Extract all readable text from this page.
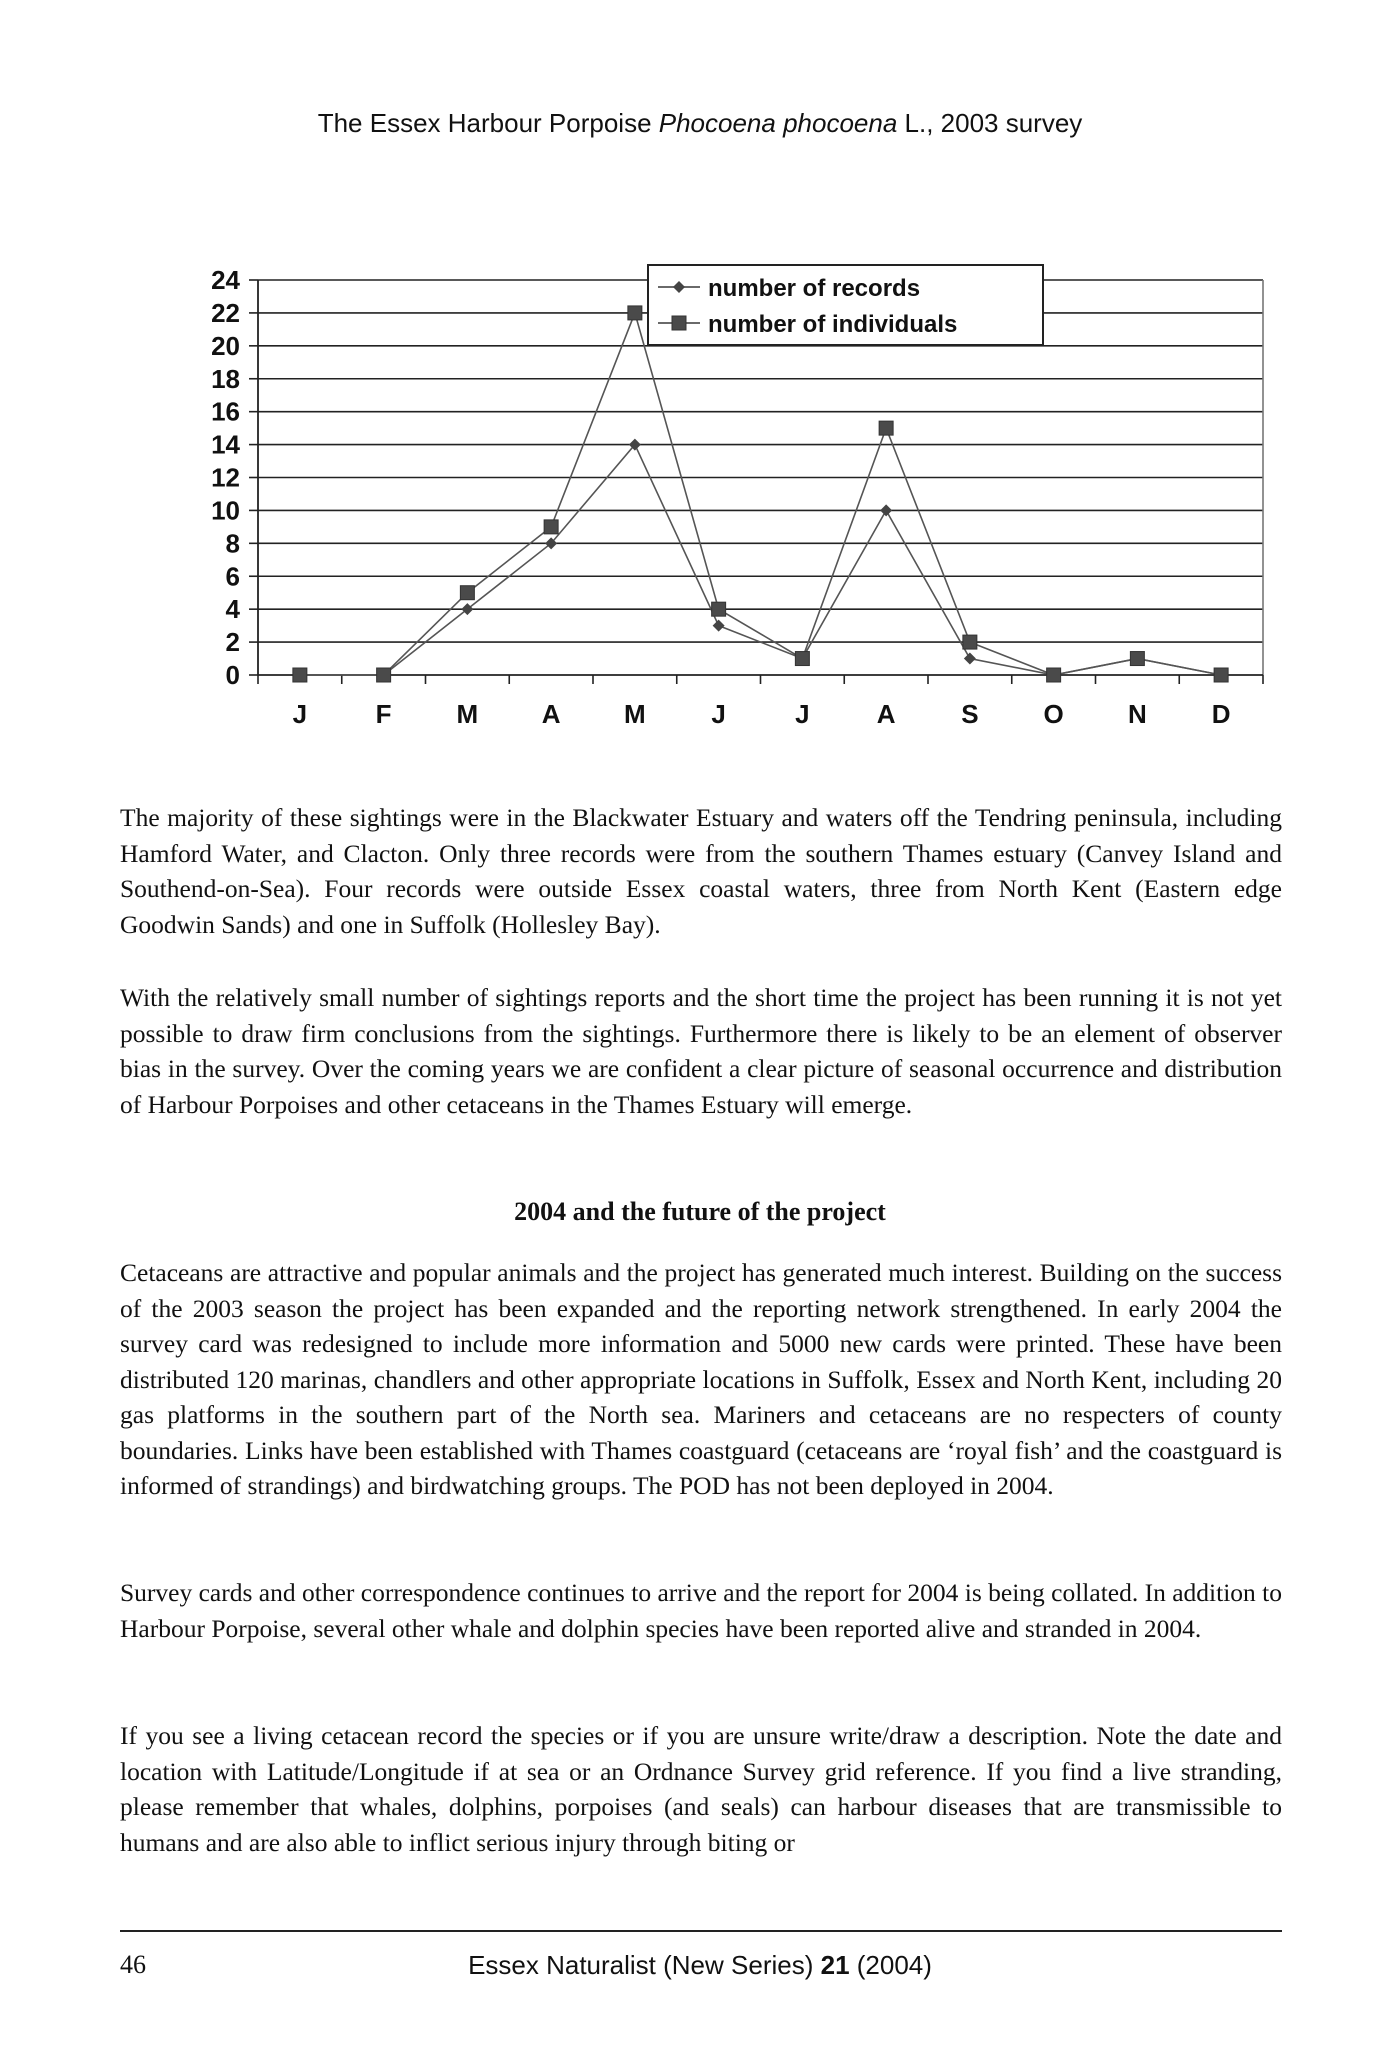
The Essex Harbour Porpoise Phocoena phocoena L., 2003 survey
0
2
4
6
8
10
12
14
16
18
20
22
24
J	F M A M	J	J	A	S O N D
number of records
number of individuals

The majority of these sightings were in the Blackwater Estuary and waters off the Tendring peninsula, including Hamford Water, and Clacton. Only three records were from the southern Thames estuary (Canvey Island and Southend-on-Sea). Four records were outside Essex coastal waters, three from North Kent (Eastern edge Goodwin Sands) and one in Suffolk (Hollesley Bay).

With the relatively small number of sightings reports and the short time the project has been running it is not yet possible to draw firm conclusions from the sightings. Furthermore there is likely to be an element of observer bias in the survey. Over the coming years we are confident a clear picture of seasonal occurrence and distribution of Harbour Porpoises and other cetaceans in the Thames Estuary will emerge.

2004 and the future of the project

Cetaceans are attractive and popular animals and the project has generated much interest. Building on the success of the 2003 season the project has been expanded and the reporting network strengthened. In early 2004 the survey card was redesigned to include more information and 5000 new cards were printed. These have been distributed 120 marinas, chandlers and other appropriate locations in Suffolk, Essex and North Kent, including 20 gas platforms in the southern part of the North sea. Mariners and cetaceans are no respecters of county boundaries. Links have been established with Thames coastguard (cetaceans are ‘royal fish’ and the coastguard is informed of strandings) and birdwatching groups. The POD has not been deployed in 2004.

Survey cards and other correspondence continues to arrive and the report for 2004 is being collated. In addition to Harbour Porpoise, several other whale and dolphin species have been reported alive and stranded in 2004.

If you see a living cetacean record the species or if you are unsure write/draw a description. Note the date and location with Latitude/Longitude if at sea or an Ordnance Survey grid reference. If you find a live stranding, please remember that whales, dolphins, porpoises (and seals) can harbour diseases that are transmissible to humans and are also able to inflict serious injury through biting or

46	Essex Naturalist (New Series) 21 (2004)
